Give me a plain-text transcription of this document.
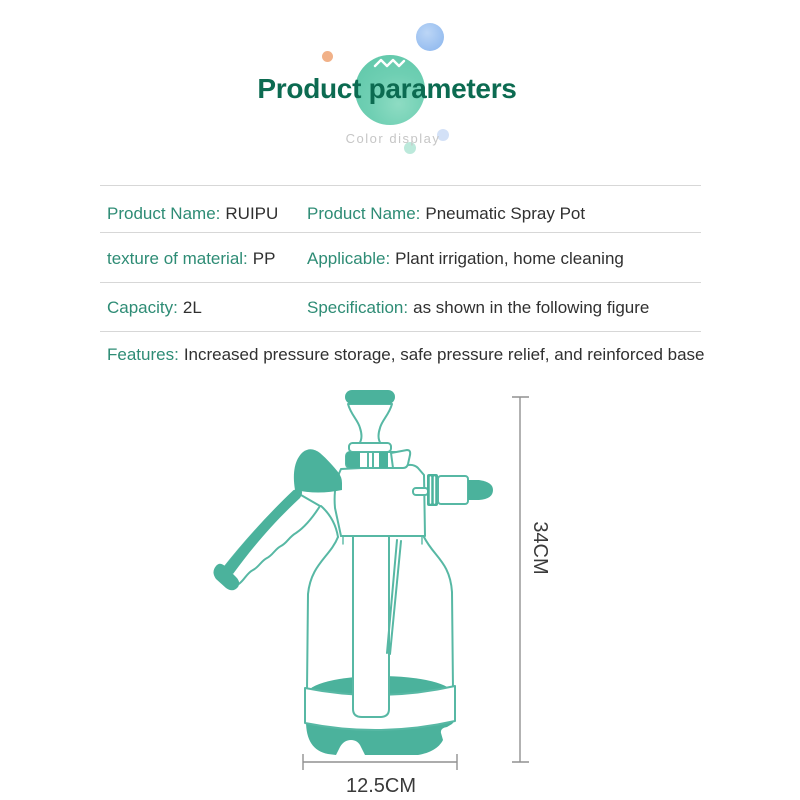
Product parameters
Color display
Product Name: RUIPU Product Name: Pneumatic Spray Pot
texture of material: PP Applicable: Plant irrigation, home cleaning
Capacity: 2L	Specification: as shown in the following figure
Features: Increased pressure storage, safe pressure relief, and reinforced base
34CM
12.5CM
